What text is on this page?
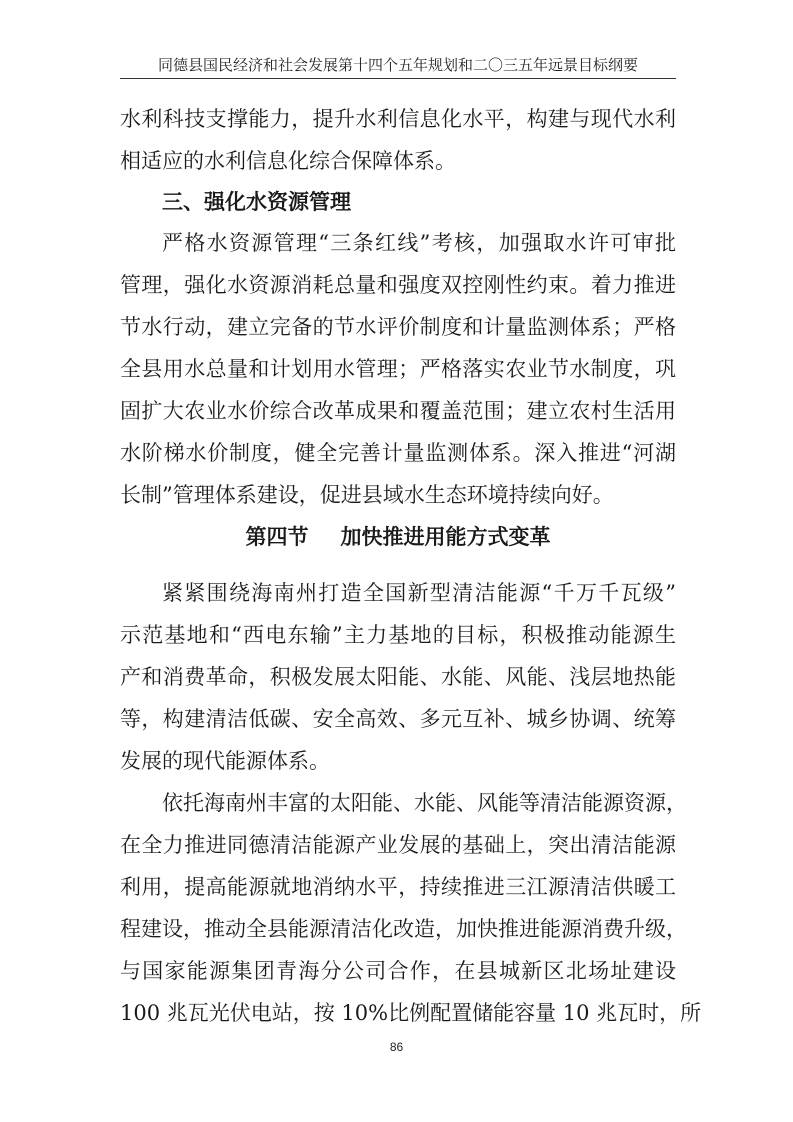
同德县国民经济和社会发展第十四个五年规划和二〇三五年远景目标纲要
水利科技支撑能力，提升水利信息化水平，构建与现代水利
相适应的水利信息化综合保障体系。
三、强化水资源管理
严格水资源管理“三条红线”考核，加强取水许可审批
管理，强化水资源消耗总量和强度双控刚性约束。着力推进
节水行动，建立完备的节水评价制度和计量监测体系；严格
全县用水总量和计划用水管理；严格落实农业节水制度，巩
固扩大农业水价综合改革成果和覆盖范围；建立农村生活用
水阶梯水价制度，健全完善计量监测体系。深入推进“河湖
长制”管理体系建设，促进县域水生态环境持续向好。
第四节 加快推进用能方式变革
紧紧围绕海南州打造全国新型清洁能源“千万千瓦级”
示范基地和“西电东输”主力基地的目标，积极推动能源生
产和消费革命，积极发展太阳能、水能、风能、浅层地热能
等，构建清洁低碳、安全高效、多元互补、城乡协调、统筹
发展的现代能源体系。
依托海南州丰富的太阳能、水能、风能等清洁能源资源，
在全力推进同德清洁能源产业发展的基础上，突出清洁能源
利用，提高能源就地消纳水平，持续推进三江源清洁供暖工
程建设，推动全县能源清洁化改造，加快推进能源消费升级，
与国家能源集团青海分公司合作，在县城新区北场址建设
100 兆瓦光伏电站，按 10%比例配置储能容量 10 兆瓦时，所
86
